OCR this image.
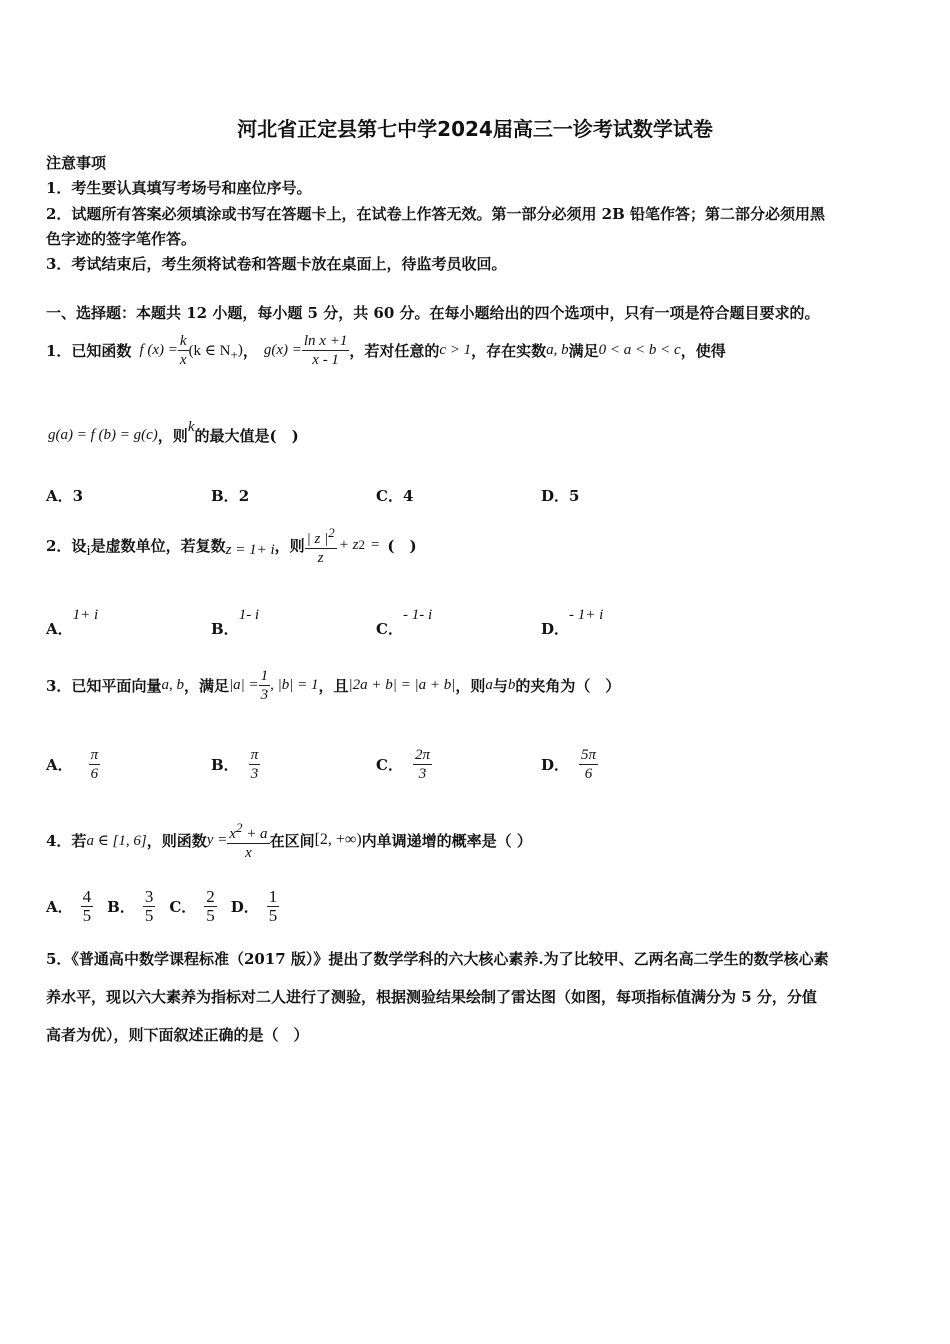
河北省正定县第七中学2024届高三一诊考试数学试卷
注意事项
1．考生要认真填写考场号和座位序号。
2．试题所有答案必须填涂或书写在答题卡上，在试卷上作答无效。第一部分必须用 2B 铅笔作答；第二部分必须用黑
色字迹的签字笔作答。
3．考试结束后，考生须将试卷和答题卡放在桌面上，待监考员收回。
一、选择题：本题共 12 小题，每小题 5 分，共 60 分。在每小题给出的四个选项中，只有一项是符合题目要求的。
1．已知函数 f $(x) = \frac{k}{x} (k$ ∈ N + ) ， $g(x) = \frac{\text{ln x +1}}{x - 1}$ ，若对任意的 c > 1 ，存在实数 a, b 满足 0 < a < b < c ，使得
g(a) = f (b) = g(c) ，则 k 的最大值是(　)
A．3	B．2	C．4	D．5
2．设 i 是虚数单位，若复数 z = 1+ i ，则 $\frac{| z |^2}{z} + z$ 2 = (　)
A．1+ i
B．1- i
C．- 1- i
D．- 1+ i
3．已知平面向量 a, b ，满足 $|a| = \frac{1}{3}$ , |b| = 1 ，且 |2a + b| = |a + b| ，则 a 与 b 的夹角为（　）
A． $\frac{\pi}{6}$	B． $\frac{\pi}{3}$	C． $\frac{2\pi}{3}$	D． $\frac{5\pi}{6}$
4．若 a ∈ [1, 6] ，则函数 $y = \frac{x^2 + a}{x}$ 在区间 [2, +∞) 内单调递增的概率是（ ）
A． $\frac{4}{5}$ B． $\frac{3}{5}$ C． $\frac{2}{5}$ D． $\frac{1}{5}$
5．《普通高中数学课程标准（2017 版）》提出了数学学科的六大核心素养.为了比较甲、乙两名高二学生的数学核心素
养水平，现以六大素养为指标对二人进行了测验，根据测验结果绘制了雷达图（如图，每项指标值满分为 5 分，分值
高者为优），则下面叙述正确的是（　）
